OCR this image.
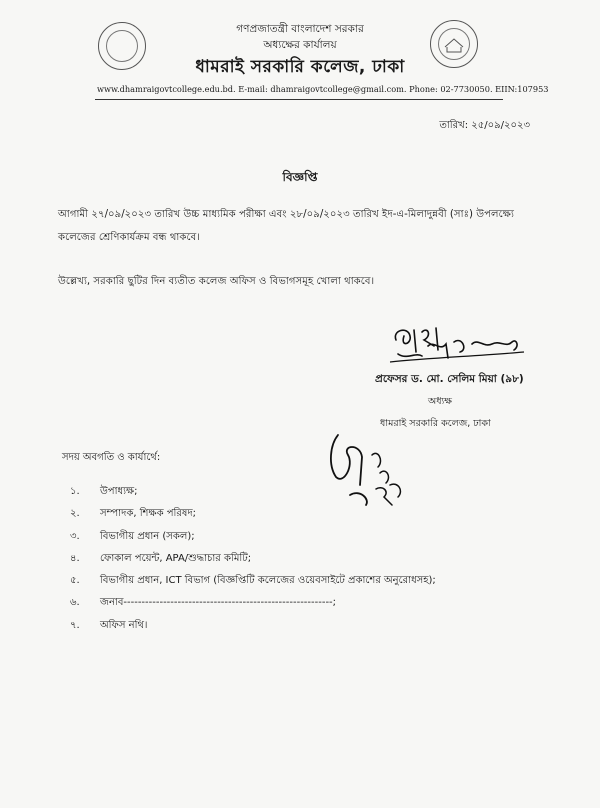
গণপ্রজাতন্ত্রী বাংলাদেশ সরকার
অধ্যক্ষের কার্যালয়
ধামরাই সরকারি কলেজ, ঢাকা
www.dhamraigovtcollege.edu.bd. E-mail: dhamraigovtcollege@gmail.com. Phone: 02-7730050. EIIN:107953
তারিখ: ২৫/০৯/২০২৩
বিজ্ঞপ্তি
আগামী ২৭/০৯/২০২৩ তারিখ উচ্চ মাধ্যমিক পরীক্ষা এবং ২৮/০৯/২০২৩ তারিখ ইদ-এ-মিলাদুন্নবী (সাঃ) উপলক্ষ্যে কলেজের শ্রেণিকার্যক্রম বন্ধ থাকবে।
উল্লেখ্য, সরকারি ছুটির দিন ব্যতীত কলেজ অফিস ও বিভাগসমূহ খোলা থাকবে।
প্রফেসর ড. মো. সেলিম মিয়া (৯৮)
অধ্যক্ষ
ধামরাই সরকারি কলেজ, ঢাকা
সদয় অবগতি ও কার্যার্থে:
১.	উপাধ্যক্ষ;
২.	সম্পাদক, শিক্ষক পরিষদ;
৩.	বিভাগীয় প্রধান (সকল);
৪.	ফোকাল পয়েন্ট, APA/শুদ্ধাচার কমিটি;
৫.	বিভাগীয় প্রধান, ICT বিভাগ (বিজ্ঞপ্তিটি কলেজের ওয়েবসাইটে প্রকাশের অনুরোধসহ);
৬.	জনাব----------------------------------------------------------;
৭.	অফিস নথি।
